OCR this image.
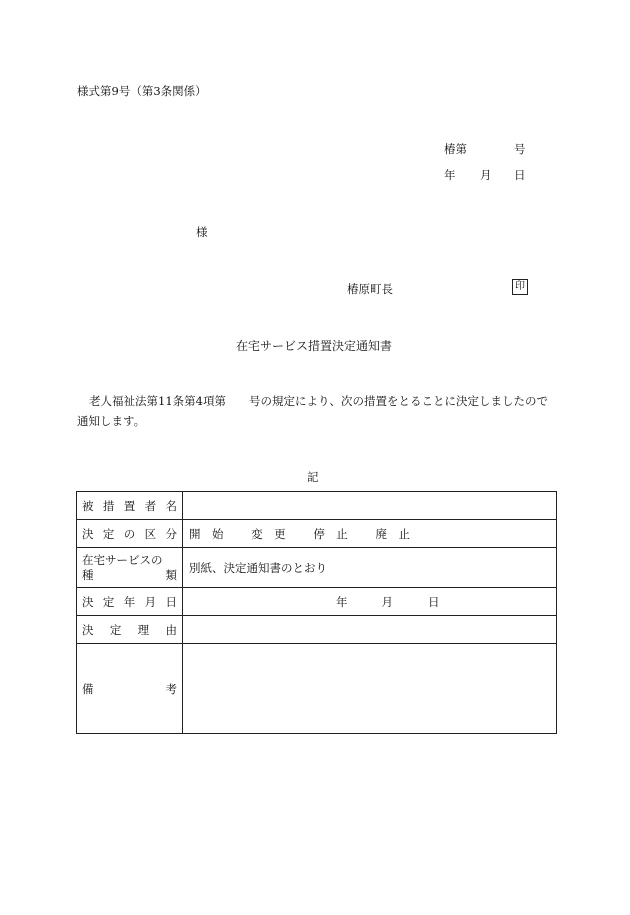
様式第9号（第3条関係）
椿第	号
年 月 日
様
椿原町長	印
在宅サービス措置決定通知書
老人福祉法第11条第4項第　　号の規定により、次の措置をとることに決定しましたので通知します。
記
被 措 置 者 名	

決 定 の 区 分	開　始 変　更 停　止 廃　止

在宅サービスの
種 類	別紙、決定通知書のとおり

決 定 年 月 日	年 月 日

決 定 理 由	

備 考	
